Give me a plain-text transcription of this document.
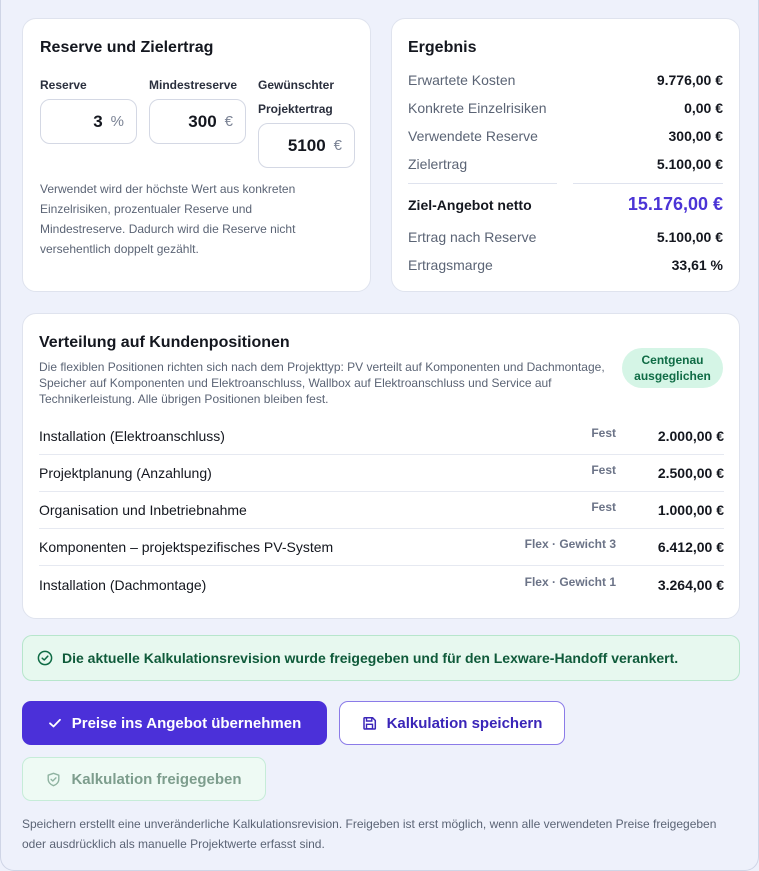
Reserve und Zielertrag
Reserve
3 %
Mindestreserve
300 €
Gewünschter
Projektertrag
5100 €
Verwendet wird der höchste Wert aus konkreten Einzelrisiken, prozentualer Reserve und Mindestreserve. Dadurch wird die Reserve nicht versehentlich doppelt gezählt.
Ergebnis
Erwartete Kosten	9.776,00 €
Konkrete Einzelrisiken	0,00 €
Verwendete Reserve	300,00 €
Zielertrag	5.100,00 €
Ziel-Angebot netto	15.176,00 €
Ertrag nach Reserve	5.100,00 €
Ertragsmarge	33,61 %
Verteilung auf Kundenpositionen
Die flexiblen Positionen richten sich nach dem Projekttyp: PV verteilt auf Komponenten und Dachmontage, Speicher auf Komponenten und Elektroanschluss, Wallbox auf Elektroanschluss und Service auf Technikerleistung. Alle übrigen Positionen bleiben fest.
Centgenau ausgeglichen
Installation (Elektroanschluss)	Fest	2.000,00 €
Projektplanung (Anzahlung)	Fest	2.500,00 €
Organisation und Inbetriebnahme	Fest	1.000,00 €
Komponenten – projektspezifisches PV-System	Flex · Gewicht 3	6.412,00 €
Installation (Dachmontage)	Flex · Gewicht 1	3.264,00 €
Die aktuelle Kalkulationsrevision wurde freigegeben und für den Lexware-Handoff verankert.
Preise ins Angebot übernehmen	Kalkulation speichern
Kalkulation freigegeben
Speichern erstellt eine unveränderliche Kalkulationsrevision. Freigeben ist erst möglich, wenn alle verwendeten Preise freigegeben oder ausdrücklich als manuelle Projektwerte erfasst sind.
